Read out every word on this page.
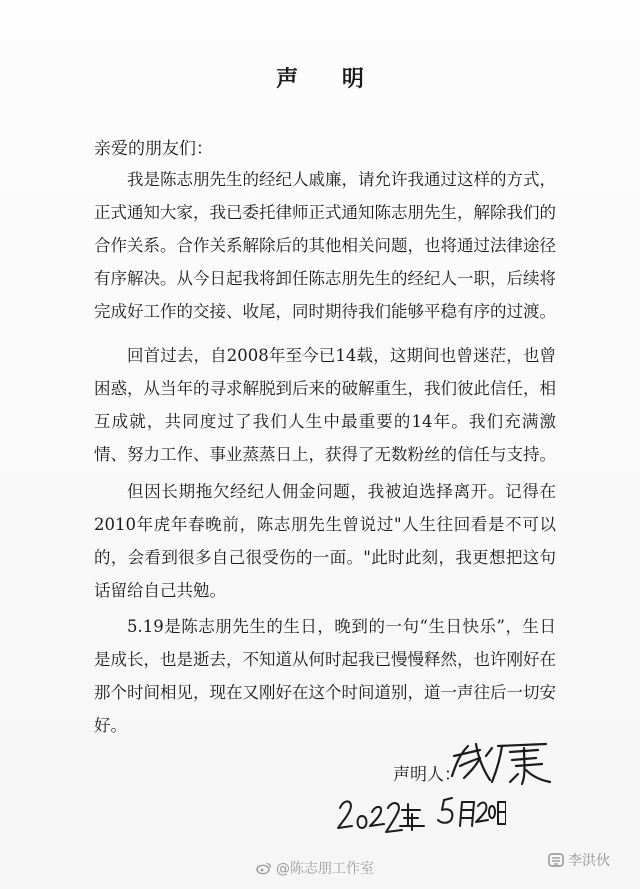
声 明
亲爱的朋友们：
我是陈志朋先生的经纪人戚廉，请允许我通过这样的方式，正式通知大家，我已委托律师正式通知陈志朋先生，解除我们的合作关系。合作关系解除后的其他相关问题，也将通过法律途径有序解决。从今日起我将卸任陈志朋先生的经纪人一职，后续将完成好工作的交接、收尾，同时期待我们能够平稳有序的过渡。
回首过去，自2008年至今已14载，这期间也曾迷茫，也曾困惑，从当年的寻求解脱到后来的破解重生，我们彼此信任，相互成就，共同度过了我们人生中最重要的14年。我们充满激情、努力工作、事业蒸蒸日上，获得了无数粉丝的信任与支持。
但因长期拖欠经纪人佣金问题，我被迫选择离开。记得在2010年虎年春晚前，陈志朋先生曾说过"人生往回看是不可以的，会看到很多自己很受伤的一面。"此时此刻，我更想把这句话留给自己共勉。
5.19是陈志朋先生的生日，晚到的一句“生日快乐”，生日是成长，也是逝去，不知道从何时起我已慢慢释然，也许刚好在那个时间相见，现在又刚好在这个时间道别，道一声往后一切安好。
声明人：
@陈志朋工作室	李洪伙
